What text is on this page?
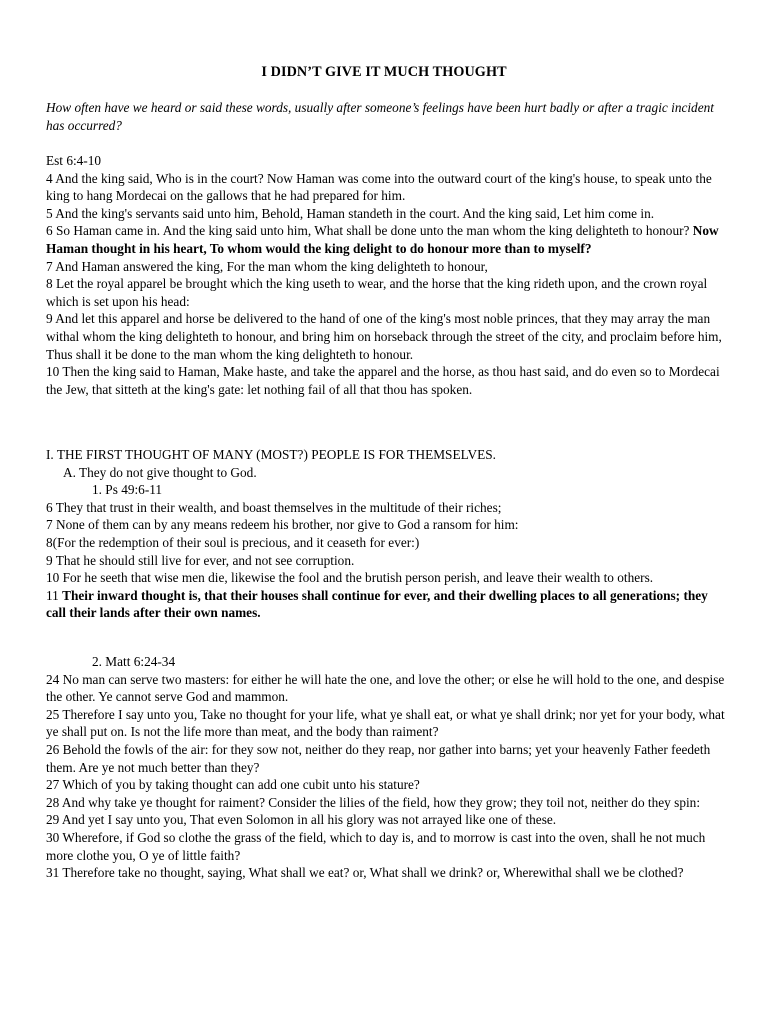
I DIDN’T GIVE IT MUCH THOUGHT
How often have we heard or said these words, usually after someone’s feelings have been hurt badly or after a tragic incident has occurred?

Est 6:4-10

4 And the king said, Who is in the court? Now Haman was come into the outward court of the king's house, to speak unto the king to hang Mordecai on the gallows that he had prepared for him.

5 And the king's servants said unto him, Behold, Haman standeth in the court. And the king said, Let him come in.

6 So Haman came in. And the king said unto him, What shall be done unto the man whom the king delighteth to honour? Now Haman thought in his heart, To whom would the king delight to do honour more than to myself?

7 And Haman answered the king, For the man whom the king delighteth to honour,

8 Let the royal apparel be brought which the king useth to wear, and the horse that the king rideth upon, and the crown royal which is set upon his head:

9 And let this apparel and horse be delivered to the hand of one of the king's most noble princes, that they may array the man withal whom the king delighteth to honour, and bring him on horseback through the street of the city, and proclaim before him, Thus shall it be done to the man whom the king delighteth to honour.

10 Then the king said to Haman, Make haste, and take the apparel and the horse, as thou hast said, and do even so to Mordecai the Jew, that sitteth at the king's gate: let nothing fail of all that thou has spoken.

I. THE FIRST THOUGHT OF MANY (MOST?) PEOPLE IS FOR THEMSELVES.

A. They do not give thought to God.

1. Ps 49:6-11

6 They that trust in their wealth, and boast themselves in the multitude of their riches;

7 None of them can by any means redeem his brother, nor give to God a ransom for him:

8(For the redemption of their soul is precious, and it ceaseth for ever:)

9 That he should still live for ever, and not see corruption.

10 For he seeth that wise men die, likewise the fool and the brutish person perish, and leave their wealth to others.

11 Their inward thought is, that their houses shall continue for ever, and their dwelling places to all generations; they call their lands after their own names.

2. Matt 6:24-34

24 No man can serve two masters: for either he will hate the one, and love the other; or else he will hold to the one, and despise the other. Ye cannot serve God and mammon.

25 Therefore I say unto you, Take no thought for your life, what ye shall eat, or what ye shall drink; nor yet for your body, what ye shall put on. Is not the life more than meat, and the body than raiment?

26 Behold the fowls of the air: for they sow not, neither do they reap, nor gather into barns; yet your heavenly Father feedeth them. Are ye not much better than they?

27 Which of you by taking thought can add one cubit unto his stature?

28 And why take ye thought for raiment? Consider the lilies of the field, how they grow; they toil not, neither do they spin:

29 And yet I say unto you, That even Solomon in all his glory was not arrayed like one of these.

30 Wherefore, if God so clothe the grass of the field, which to day is, and to morrow is cast into the oven, shall he not much more clothe you, O ye of little faith?

31 Therefore take no thought, saying, What shall we eat? or, What shall we drink? or, Wherewithal shall we be clothed?
